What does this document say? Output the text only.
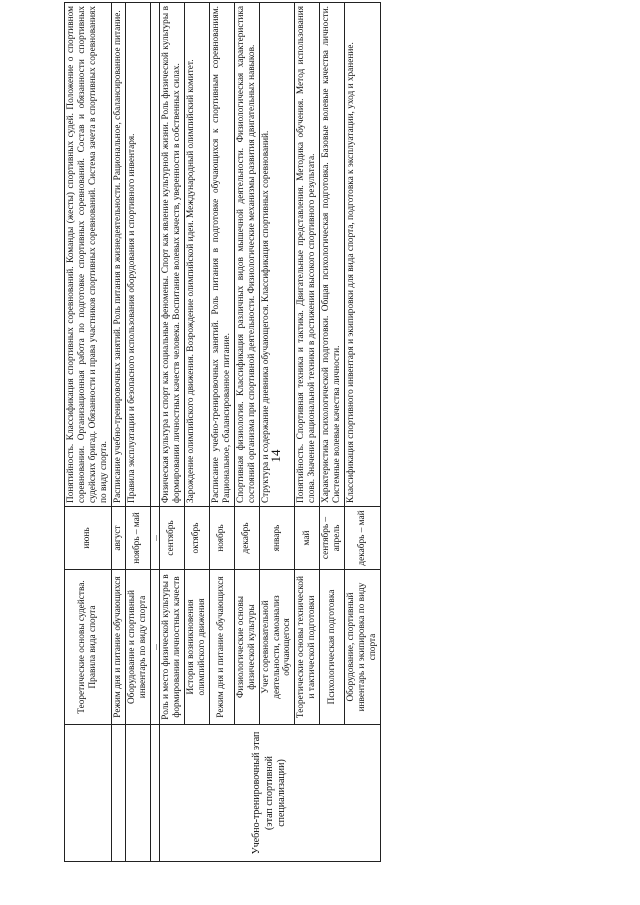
14
	Теоретические основы судейства. Правила вида спорта	июнь	Понятийность. Классификация спортивных соревнований. Команды (жесты) спортивных судей. Положение о спортивном соревновании. Организационная работа по подготовке спортивных соревнований. Состав и обязанности спортивных судейских бригад. Обязанности и права участников спортивных соревнований. Система зачета в спортивных соревнованиях по виду спорта.
	Режим дня и питание обучающихся	август	Расписание учебно-тренировочных занятий. Роль питания в жизнедеятельности. Рациональное, сбалансированное питание.
	Оборудование и спортивный инвентарь по виду спорта	ноябрь – май	Правила эксплуатации и безопасного использования оборудования и спортивного инвентаря.
	...	...	
Учебно-тренировочный этап (этап спортивной специализации)	Роль и место физической культуры в формировании личностных качеств	сентябрь	Физическая культура и спорт как социальные феномены. Спорт как явление культурной жизни. Роль физической культуры в формировании личностных качеств человека. Воспитание волевых качеств, уверенности в собственных силах.
	История возникновения олимпийского движения	октябрь	Зарождение олимпийского движения. Возрождение олимпийской идеи. Международный олимпийский комитет.
	Режим дня и питание обучающихся	ноябрь	Расписание учебно-тренировочных занятий. Роль питания в подготовке обучающихся к спортивным соревнованиям. Рациональное, сбалансированное питание.
	Физиологические основы физической культуры	декабрь	Спортивная физиология. Классификация различных видов мышечной деятельности. Физиологическая характеристика состояний организма при спортивной деятельности. Физиологические механизмы развития двигательных навыков.
	Учет соревновательной деятельности, самоанализ обучающегося	январь	Структура и содержание дневника обучающегося. Классификация спортивных соревнований.
	Теоретические основы технической и тактической подготовки	май	Понятийность. Спортивная техника и тактика. Двигательные представления. Методика обучения. Метод использования слова. Значение рациональной техники в достижении высокого спортивного результата.
	Психологическая подготовка	сентябрь – апрель	Характеристика психологической подготовки. Общая психологическая подготовка. Базовые волевые качества личности. Системные волевые качества личности.
	Оборудование, спортивный инвентарь и экипировка по виду спорта	декабрь – май	Классификация спортивного инвентаря и экипировки для вида спорта, подготовка к эксплуатации, уход и хранение.
